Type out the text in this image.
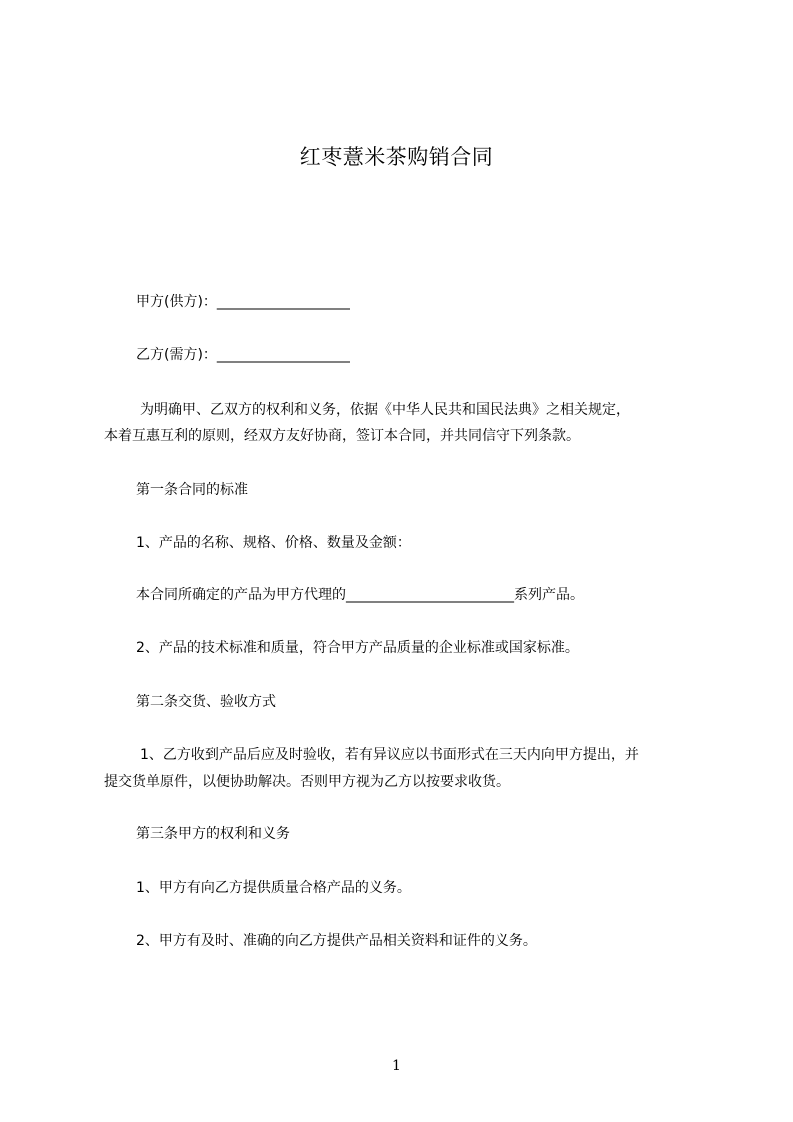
红枣薏米茶购销合同
甲方(供方)：___________________
乙方(需方)：___________________
为明确甲、乙双方的权利和义务，依据《中华人民共和国民法典》之相关规定，
本着互惠互利的原则，经双方友好协商，签订本合同，并共同信守下列条款。
第一条合同的标准
1、产品的名称、规格、价格、数量及金额：
本合同所确定的产品为甲方代理的________________________系列产品。
2、产品的技术标准和质量，符合甲方产品质量的企业标准或国家标准。
第二条交货、验收方式
1、乙方收到产品后应及时验收，若有异议应以书面形式在三天内向甲方提出，并
提交货单原件，以便协助解决。否则甲方视为乙方以按要求收货。
第三条甲方的权利和义务
1、甲方有向乙方提供质量合格产品的义务。
2、甲方有及时、准确的向乙方提供产品相关资料和证件的义务。
1
